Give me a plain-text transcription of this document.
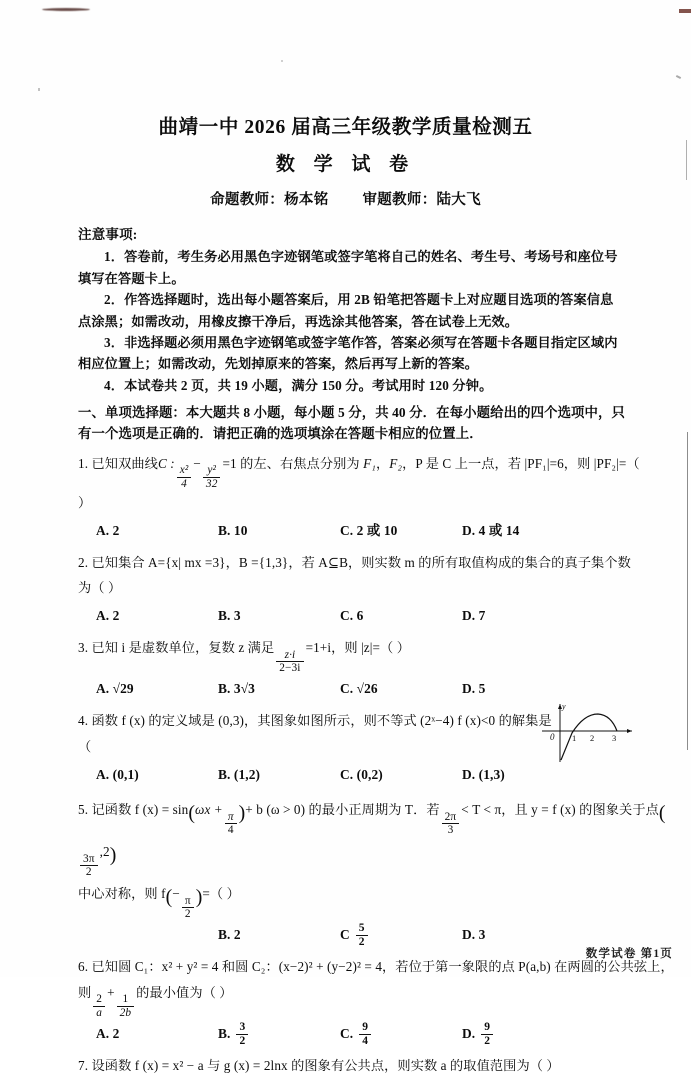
曲靖一中 2026 届高三年级教学质量检测五
数 学 试 卷

命题教师：杨本铭 审题教师：陆大飞

注意事项:

1．答卷前，考生务必用黑色字迹钢笔或签字笔将自己的姓名、考生号、考场号和座位号填写在答题卡上。

2．作答选择题时，选出每小题答案后，用 2B 铅笔把答题卡上对应题目选项的答案信息点涂黑；如需改动，用橡皮擦干净后，再选涂其他答案，答在试卷上无效。

3．非选择题必须用黑色字迹钢笔或签字笔作答，答案必须写在答题卡各题目指定区域内相应位置上；如需改动，先划掉原来的答案，然后再写上新的答案。

4．本试卷共 2 页，共 19 小题，满分 150 分。考试用时 120 分钟。

一、单项选择题：本大题共 8 小题，每小题 5 分，共 40 分．在每小题给出的四个选项中，只有一个选项是正确的．请把正确的选项填涂在答题卡相应的位置上．

1. 已知双曲线C :
$\frac{\text{x²}}{4}$
−
$\frac{\text{y²}}{32}$
=1 的左、右焦点分别为 F₁，F₂，P 是 C 上一点，若 |PF₁|=6，则 |PF₂|=（ ）
A. 2	B. 10	C. 2 或 10	D. 4 或 14
2. 已知集合 A={x| mx =3}，B ={1,3}，若 A⊆B，则实数 m 的所有取值构成的集合的真子集个数为（ ）
A. 2	B. 3	C. 6	D. 7
3. 已知 i 是虚数单位，复数 z 满足
$\frac{z\cdot i}{2-3i}$
=1+i，则 |z|=（ ）
A. √29	B. 3√3	C. √26	D. 5
4. 函数 f (x) 的定义域是 (0,3)，其图象如图所示，则不等式 (2ˣ−4) f (x)<0 的解集是（
0 1 2 3
y
A. (0,1)	B. (1,2)	C. (0,2)	D. (1,3)
5. 记函数 f (x) = sin(ωx +
$\frac{\pi}{4}$ )+ b (ω > 0) 的最小正周期为 T．若
$\frac{2\pi}{3}$
< T < π，且 y = f (x) 的图象关于点(
$\frac{3\pi}{2}$
,2)
中心对称，则 f(−
$\frac{\pi}{2}$ )=（ ）
B. 2	C $\frac{5}{2}$	D. 3
6. 已知圆 C₁：x² + y² = 4 和圆 C₂：(x−2)² + (y−2)² = 4，若位于第一象限的点 P(a,b) 在两圆的公共弦上，
则
$\frac{2}{a}$
+
$\frac{1}{2b}$
的最小值为（ ）
A. 2	B. $\frac{3}{2}$	C. $\frac{9}{4}$	D. $\frac{9}{2}$
7. 设函数 f (x) = x² − a 与 g (x) = 2lnx 的图象有公共点，则实数 a 的取值范围为（ ）
数学试卷 第1页
